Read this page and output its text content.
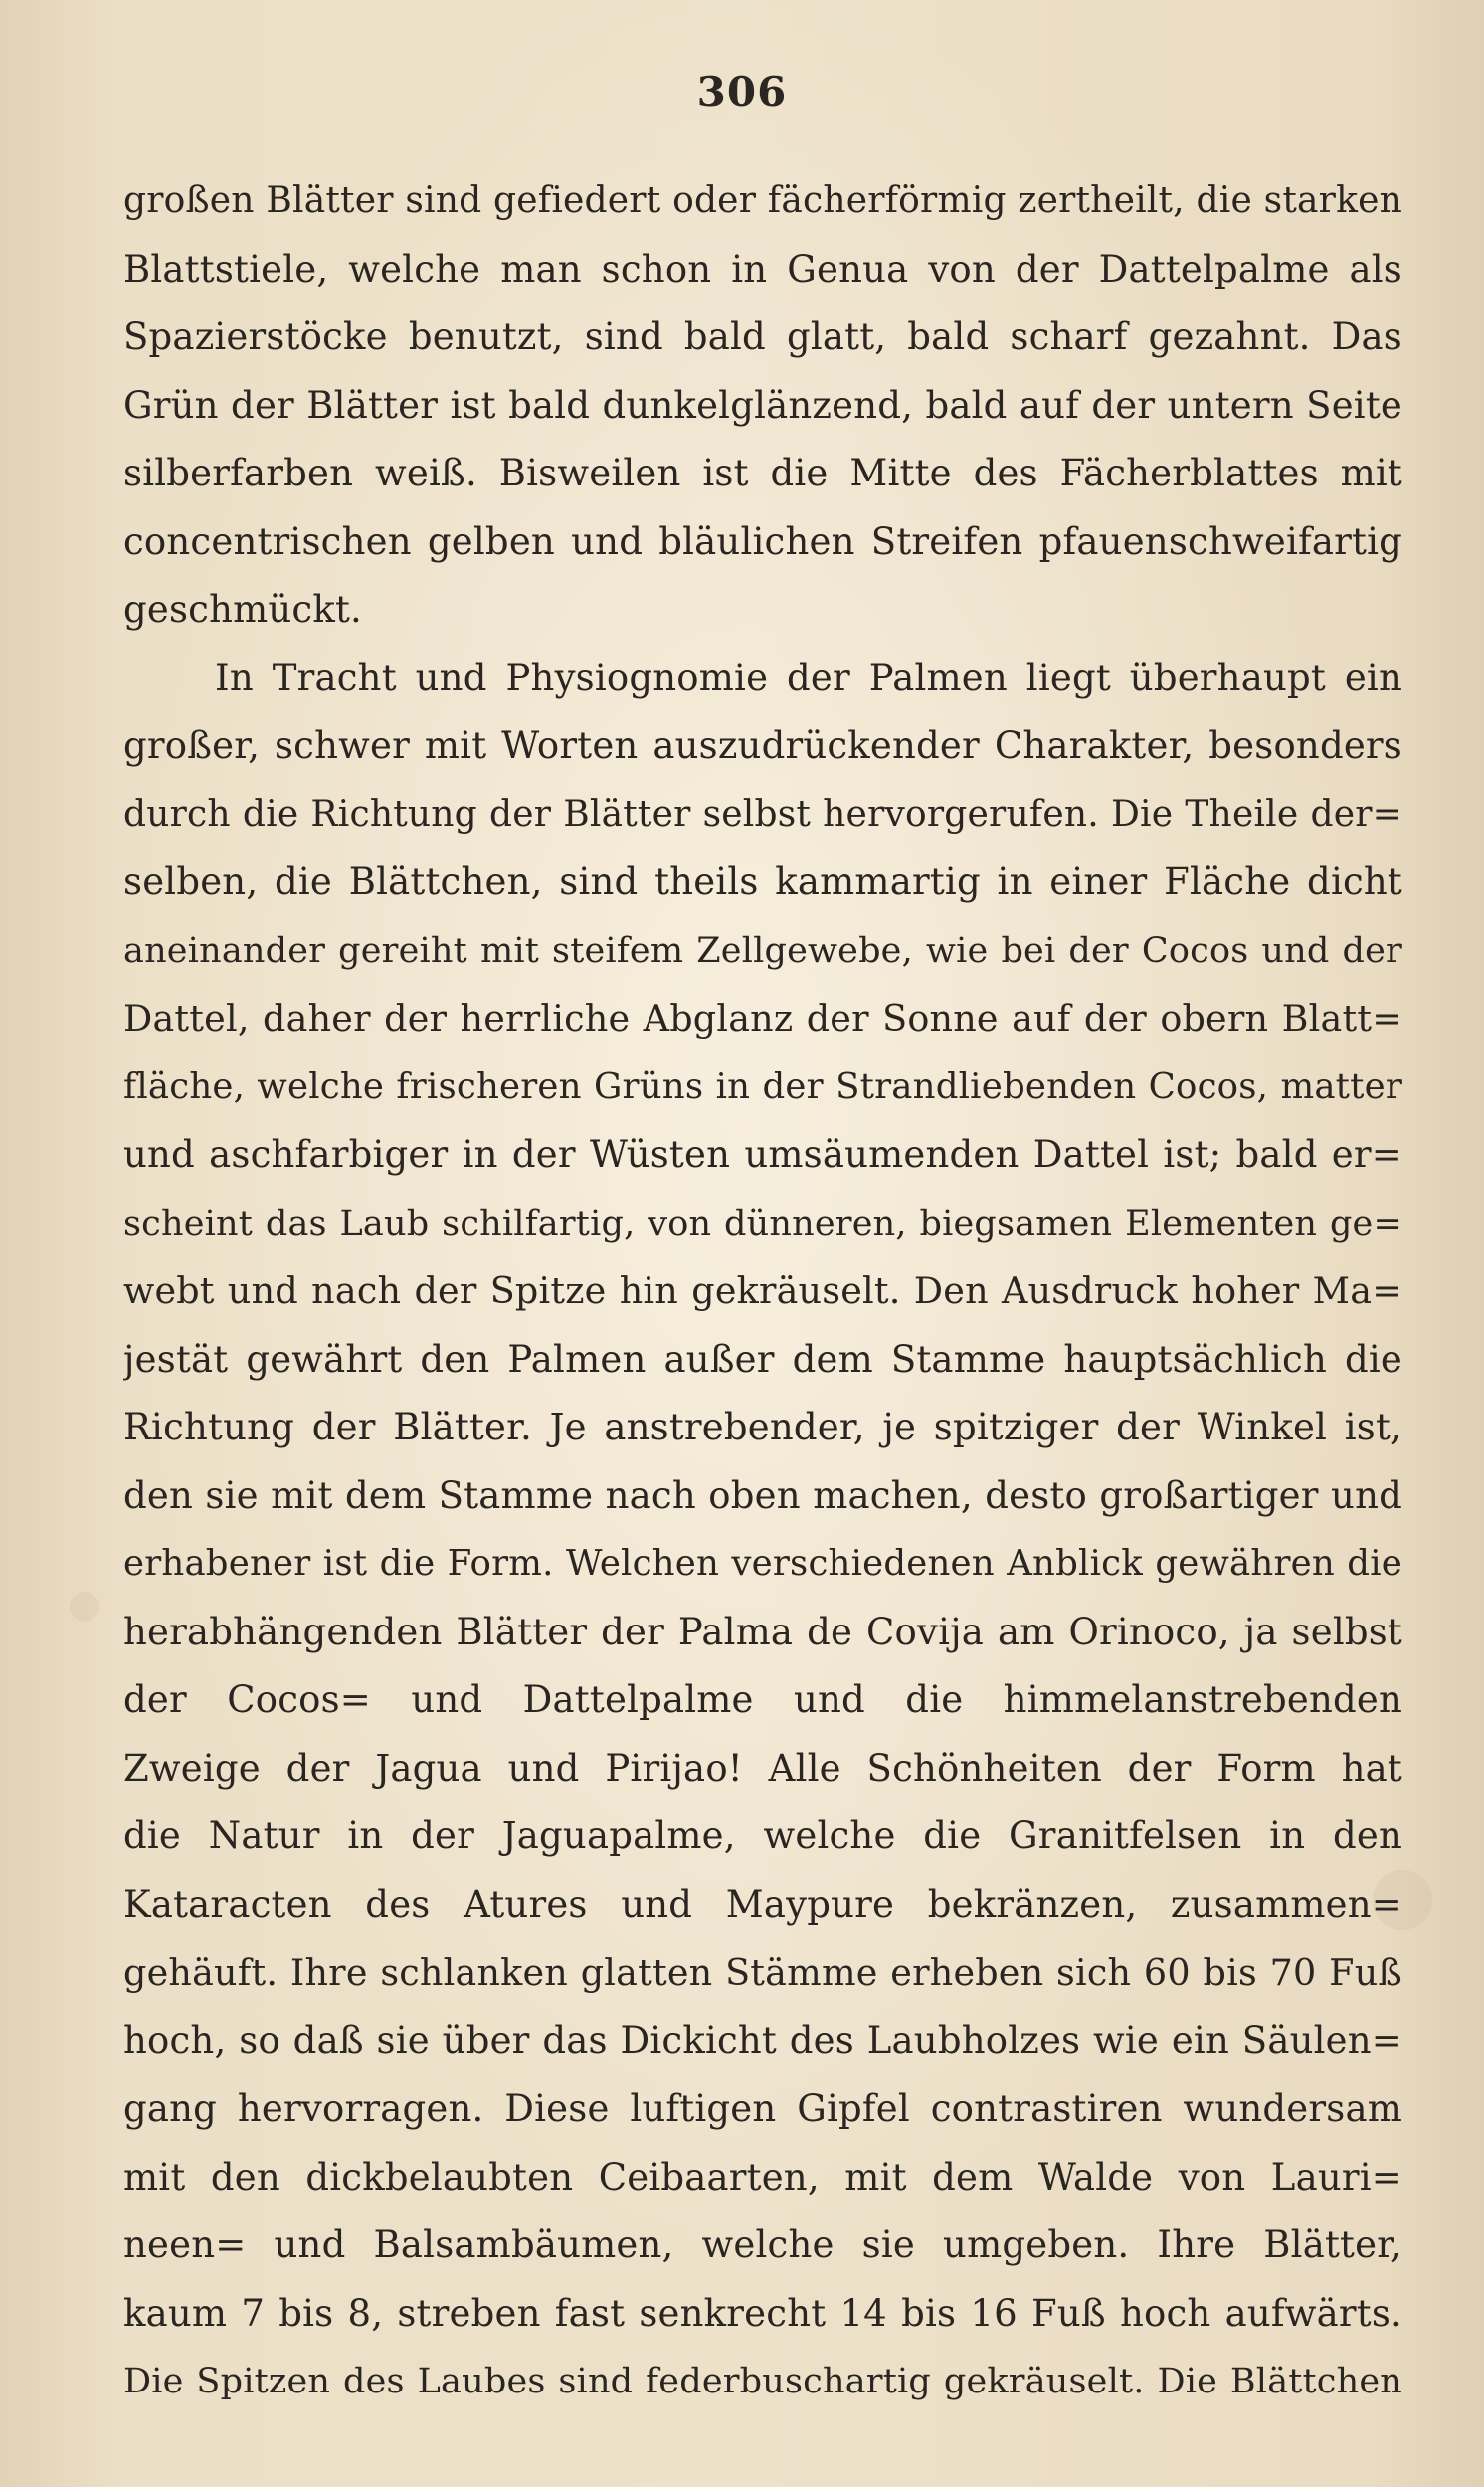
306
großen Blätter sind gefiedert oder fächerförmig zertheilt, die starken
Blattstiele, welche man schon in Genua von der Dattelpalme als
Spazierstöcke benutzt, sind bald glatt, bald scharf gezahnt. Das
Grün der Blätter ist bald dunkelglänzend, bald auf der untern Seite
silberfarben weiß. Bisweilen ist die Mitte des Fächerblattes mit
concentrischen gelben und bläulichen Streifen pfauenschweifartig
geschmückt.
In Tracht und Physiognomie der Palmen liegt überhaupt ein
großer, schwer mit Worten auszudrückender Charakter, besonders
durch die Richtung der Blätter selbst hervorgerufen. Die Theile der=
selben, die Blättchen, sind theils kammartig in einer Fläche dicht
aneinander gereiht mit steifem Zellgewebe, wie bei der Cocos und der
Dattel, daher der herrliche Abglanz der Sonne auf der obern Blatt=
fläche, welche frischeren Grüns in der Strandliebenden Cocos, matter
und aschfarbiger in der Wüsten umsäumenden Dattel ist; bald er=
scheint das Laub schilfartig, von dünneren, biegsamen Elementen ge=
webt und nach der Spitze hin gekräuselt. Den Ausdruck hoher Ma=
jestät gewährt den Palmen außer dem Stamme hauptsächlich die
Richtung der Blätter. Je anstrebender, je spitziger der Winkel ist,
den sie mit dem Stamme nach oben machen, desto großartiger und
erhabener ist die Form. Welchen verschiedenen Anblick gewähren die
herabhängenden Blätter der Palma de Covija am Orinoco, ja selbst
der Cocos= und Dattelpalme und die himmelanstrebenden
Zweige der Jagua und Pirijao! Alle Schönheiten der Form hat
die Natur in der Jaguapalme, welche die Granitfelsen in den
Kataracten des Atures und Maypure bekränzen, zusammen=
gehäuft. Ihre schlanken glatten Stämme erheben sich 60 bis 70 Fuß
hoch, so daß sie über das Dickicht des Laubholzes wie ein Säulen=
gang hervorragen. Diese luftigen Gipfel contrastiren wundersam
mit den dickbelaubten Ceibaarten, mit dem Walde von Lauri=
neen= und Balsambäumen, welche sie umgeben. Ihre Blätter,
kaum 7 bis 8, streben fast senkrecht 14 bis 16 Fuß hoch aufwärts.
Die Spitzen des Laubes sind federbuschartig gekräuselt. Die Blättchen
